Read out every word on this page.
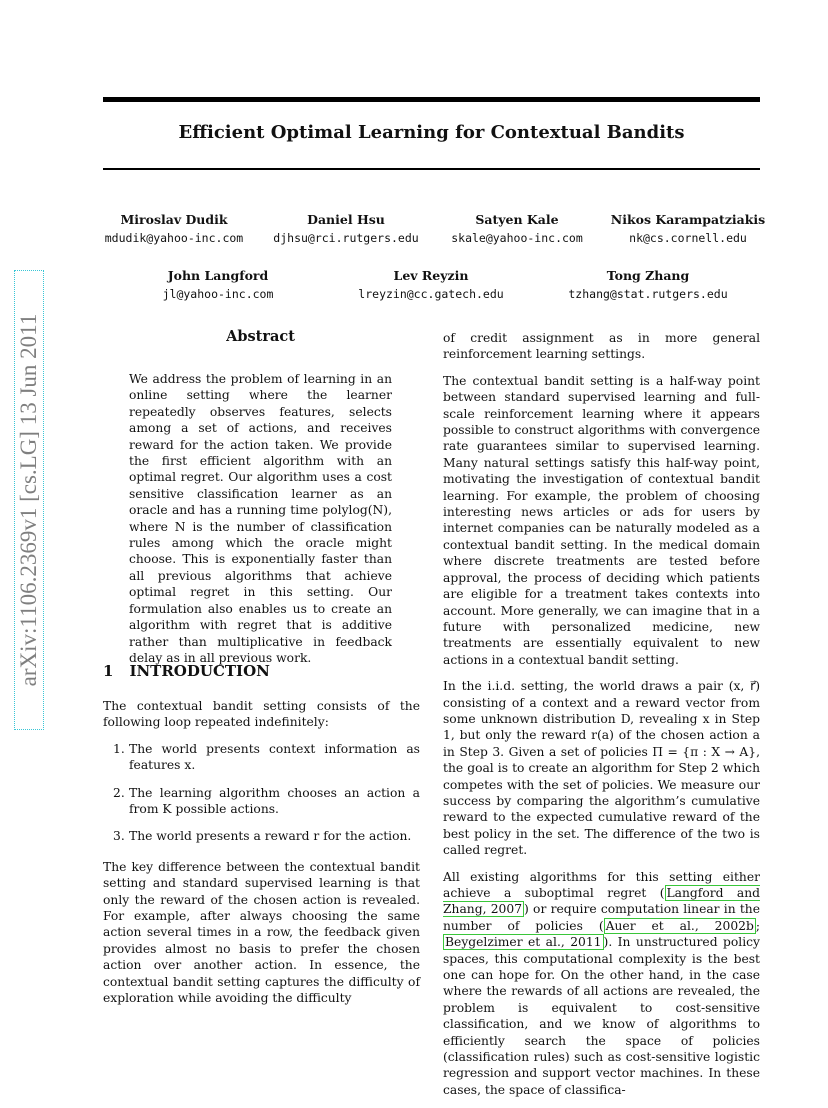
Efficient Optimal Learning for Contextual Bandits
Miroslav Dudik
mdudik@yahoo-inc.com
Daniel Hsu
djhsu@rci.rutgers.edu
Satyen Kale
skale@yahoo-inc.com
Nikos Karampatziakis
nk@cs.cornell.edu
John Langford
jl@yahoo-inc.com
Lev Reyzin
lreyzin@cc.gatech.edu
Tong Zhang
tzhang@stat.rutgers.edu
arXiv:1106.2369v1 [cs.LG] 13 Jun 2011	Abstract

We address the problem of learning in an online setting where the learner repeatedly observes features, selects among a set of actions, and receives reward for the action taken. We provide the first efficient algorithm with an optimal regret. Our algorithm uses a cost sensitive classification learner as an oracle and has a running time polylog(N), where N is the number of classification rules among which the oracle might choose. This is exponentially faster than all previous algorithms that achieve optimal regret in this setting. Our formulation also enables us to create an algorithm with regret that is additive rather than multiplicative in feedback delay as in all previous work.

1 INTRODUCTION

The contextual bandit setting consists of the following loop repeated indefinitely:

1. The world presents context information as features x.
2. The learning algorithm chooses an action a from K possible actions.
3. The world presents a reward r for the action.

The key difference between the contextual bandit setting and standard supervised learning is that only the reward of the chosen action is revealed. For example, after always choosing the same action several times in a row, the feedback given provides almost no basis to prefer the chosen action over another action. In essence, the contextual bandit setting captures the difficulty of exploration while avoiding the difficulty

of credit assignment as in more general reinforcement learning settings.

The contextual bandit setting is a half-way point between standard supervised learning and full-scale reinforcement learning where it appears possible to construct algorithms with convergence rate guarantees similar to supervised learning. Many natural settings satisfy this half-way point, motivating the investigation of contextual bandit learning. For example, the problem of choosing interesting news articles or ads for users by internet companies can be naturally modeled as a contextual bandit setting. In the medical domain where discrete treatments are tested before approval, the process of deciding which patients are eligible for a treatment takes contexts into account. More generally, we can imagine that in a future with personalized medicine, new treatments are essentially equivalent to new actions in a contextual bandit setting.

In the i.i.d. setting, the world draws a pair (x, r⃗) consisting of a context and a reward vector from some unknown distribution D, revealing x in Step 1, but only the reward r(a) of the chosen action a in Step 3. Given a set of policies Π = {π : X → A}, the goal is to create an algorithm for Step 2 which competes with the set of policies. We measure our success by comparing the algorithm’s cumulative reward to the expected cumulative reward of the best policy in the set. The difference of the two is called regret.

All existing algorithms for this setting either achieve a suboptimal regret ( Langford and Zhang, 2007 ) or require computation linear in the number of policies ( Auer et al., 2002b ; Beygelzimer et al., 2011 ). In unstructured policy spaces, this computational complexity is the best one can hope for. On the other hand, in the case where the rewards of all actions are revealed, the problem is equivalent to cost-sensitive classification, and we know of algorithms to efficiently search the space of policies (classification rules) such as cost-sensitive logistic regression and support vector machines. In these cases, the space of classifica-
